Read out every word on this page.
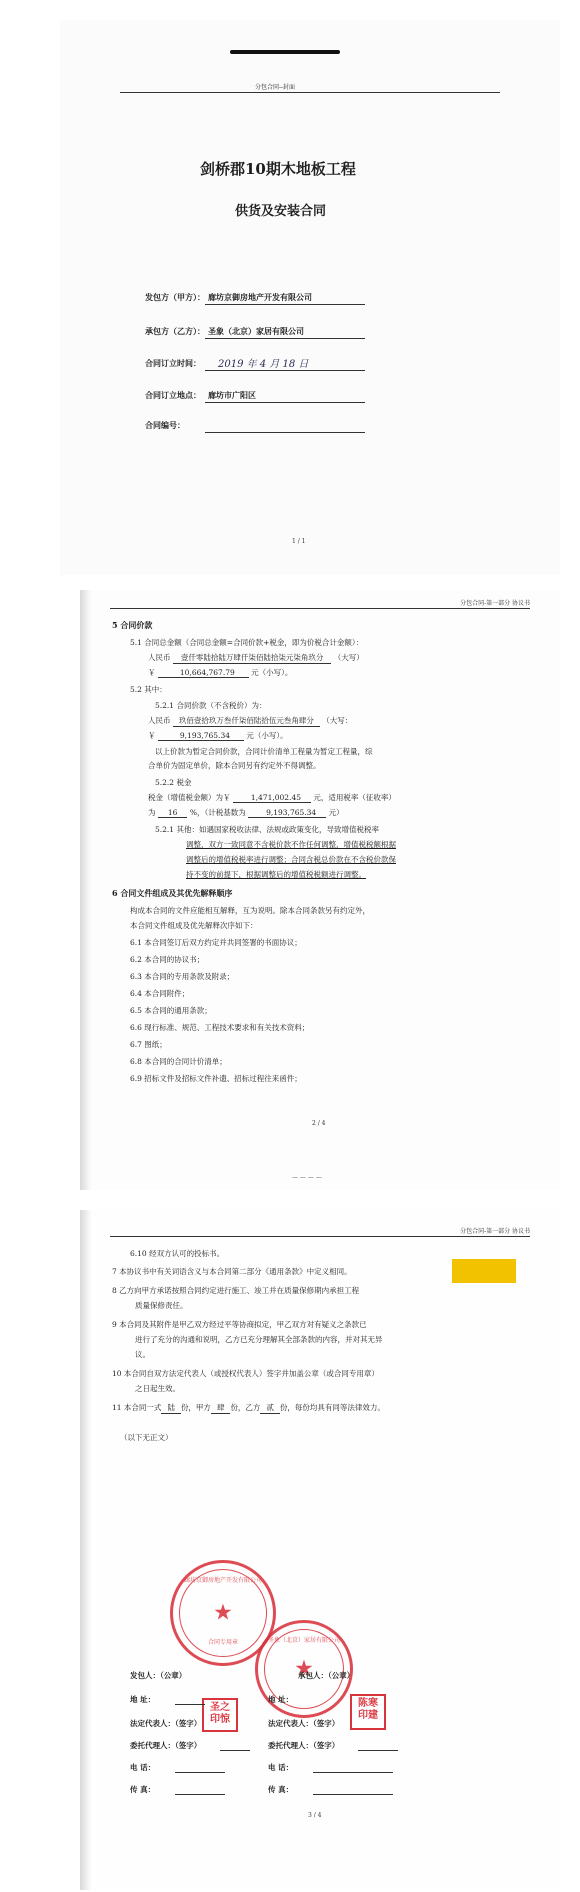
分包合同--封面
剑桥郡10期木地板工程
供货及安装合同
发包方（甲方）： 廊坊京御房地产开发有限公司
承包方（乙方）： 圣象（北京）家居有限公司
合同订立时间： 2019 年 4 月 18 日
合同订立地点： 廊坊市广阳区
合同编号：
1 / 1
分包合同-第一部分 协议书
5 合同价款
5.1 合同总金额（合同总金额=合同价款+税金，即为价税合计金额）：
人民币 壹仟零陆拾陆万肆仟柒佰陆拾柒元柒角玖分 （大写）
￥	10,664,767.79 元（小写）。
5.2 其中：
5.2.1 合同价款（不含税价）为：
人民币 玖佰壹拾玖万叁仟柒佰陆拾伍元叁角肆分 （大写：
￥	9,193,765.34 元（小写）。
以上价款为暂定合同价款，合同计价清单工程量为暂定工程量，综
合单价为固定单价，除本合同另有约定外不得调整。
5.2.2 税金
税金（增值税金额）为￥	1,471,002.45 元，适用税率（征收率）
为 16 %，（计税基数为	9,193,765.34 元）
5.2.1 其他：如遇国家税收法律、法规或政策变化，导致增值税税率
调整，双方一致同意不含税价款不作任何调整，增值税税额根据
调整后的增值税税率进行调整；合同含税总价款在不含税价款保
持不变的前提下，根据调整后的增值税税额进行调整。
6 合同文件组成及其优先解释顺序
构成本合同的文件应能相互解释，互为说明。除本合同条款另有约定外，
本合同文件组成及优先解释次序如下：
6.1 本合同签订后双方约定并共同签署的书面协议；
6.2 本合同的协议书；
6.3 本合同的专用条款及附录；
6.4 本合同附件；
6.5 本合同的通用条款；
6.6 现行标准、规范、工程技术要求和有关技术资料；
6.7 图纸；
6.8 本合同的合同计价清单；
6.9 招标文件及招标文件补遗、招标过程往来函件；
2 / 4
— — — —
分包合同-第一部分 协议书
6.10 经双方认可的投标书。
7 本协议书中有关词语含义与本合同第二部分《通用条款》中定义相同。
8 乙方向甲方承诺按照合同约定进行施工、竣工并在质量保修期内承担工程
质量保修责任。
9 本合同及其附件是甲乙双方经过平等协商拟定，甲乙双方对有疑义之条款已
进行了充分的沟通和说明，乙方已充分理解其全部条款的内容，并对其无异
议。
10 本合同自双方法定代表人（或授权代表人）签字并加盖公章（或合同专用章）
之日起生效。
11 本合同一式 陆 份，甲方 肆 份，乙方 贰 份，每份均具有同等法律效力。
（以下无正文）
廊坊京御房地产开发有限公司
★
合同专用章	圣象（北京）家居有限公司
★
圣之印惊
陈寒印建
发包人：（公章）
地 址：
法定代表人：（签字）
委托代理人：（签字）
电 话：
传 真：
承包人：（公章）
地 址：
法定代表人：（签字）
委托代理人：（签字）
电 话：
传 真：
3 / 4
